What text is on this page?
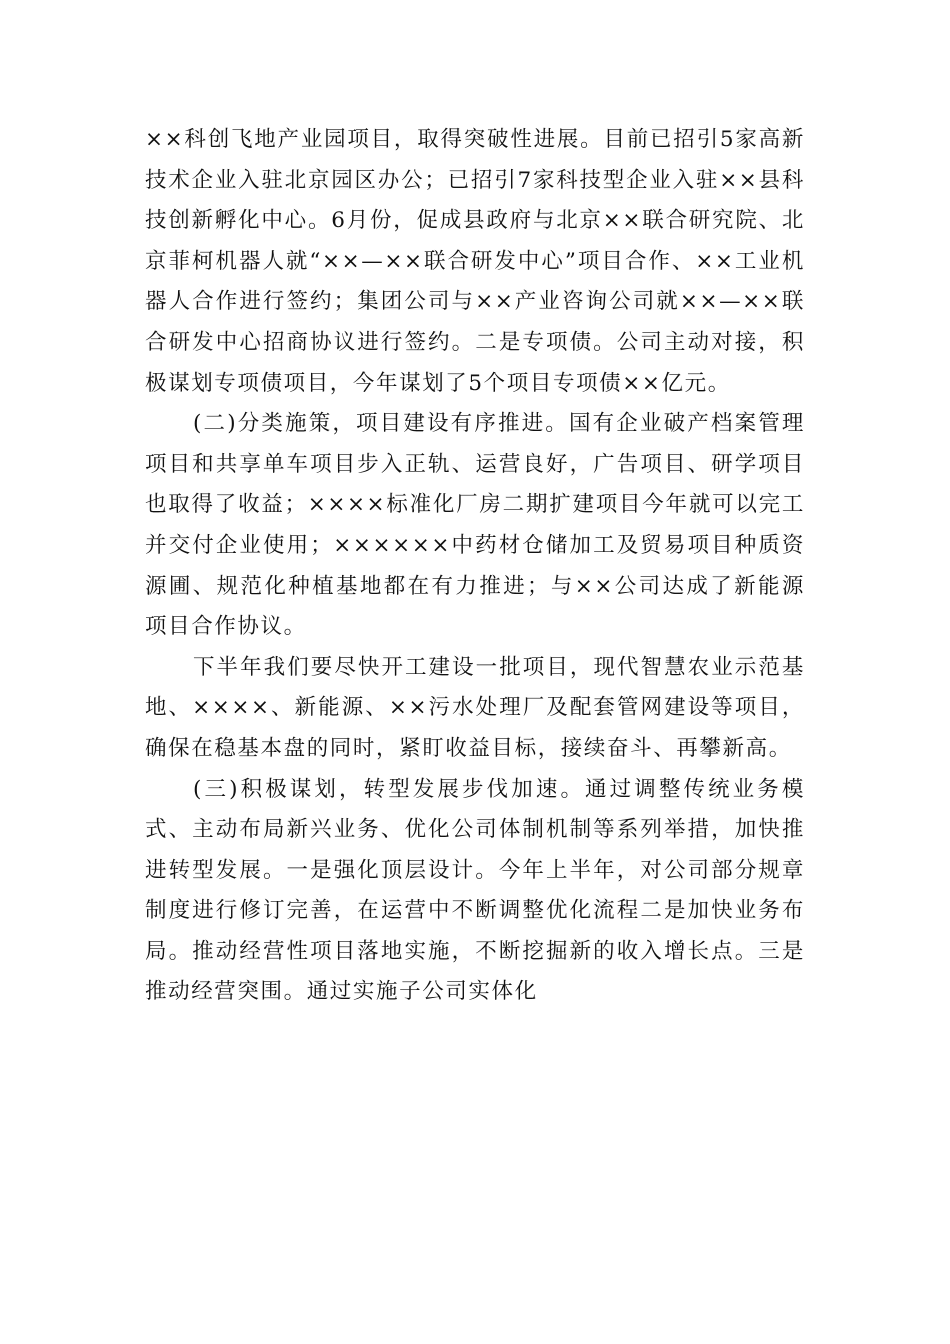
××科创飞地产业园项目，取得突破性进展。目前已招引5家高新技术企业入驻北京园区办公；已招引7家科技型企业入驻××县科技创新孵化中心。6月份，促成县政府与北京××联合研究院、北京菲柯机器人就“××—××联合研发中心”项目合作、××工业机器人合作进行签约；集团公司与××产业咨询公司就××—××联合研发中心招商协议进行签约。二是专项债。公司主动对接，积极谋划专项债项目，今年谋划了5个项目专项债××亿元。

(二)分类施策，项目建设有序推进。国有企业破产档案管理项目和共享单车项目步入正轨、运营良好，广告项目、研学项目也取得了收益；××××标准化厂房二期扩建项目今年就可以完工并交付企业使用；××××××中药材仓储加工及贸易项目种质资源圃、规范化种植基地都在有力推进；与××公司达成了新能源项目合作协议。

下半年我们要尽快开工建设一批项目，现代智慧农业示范基地、××××、新能源、××污水处理厂及配套管网建设等项目，确保在稳基本盘的同时，紧盯收益目标，接续奋斗、再攀新高。

(三)积极谋划，转型发展步伐加速。通过调整传统业务模式、主动布局新兴业务、优化公司体制机制等系列举措，加快推进转型发展。一是强化顶层设计。今年上半年，对公司部分规章制度进行修订完善，在运营中不断调整优化流程二是加快业务布局。推动经营性项目落地实施，不断挖掘新的收入增长点。三是推动经营突围。通过实施子公司实体化
